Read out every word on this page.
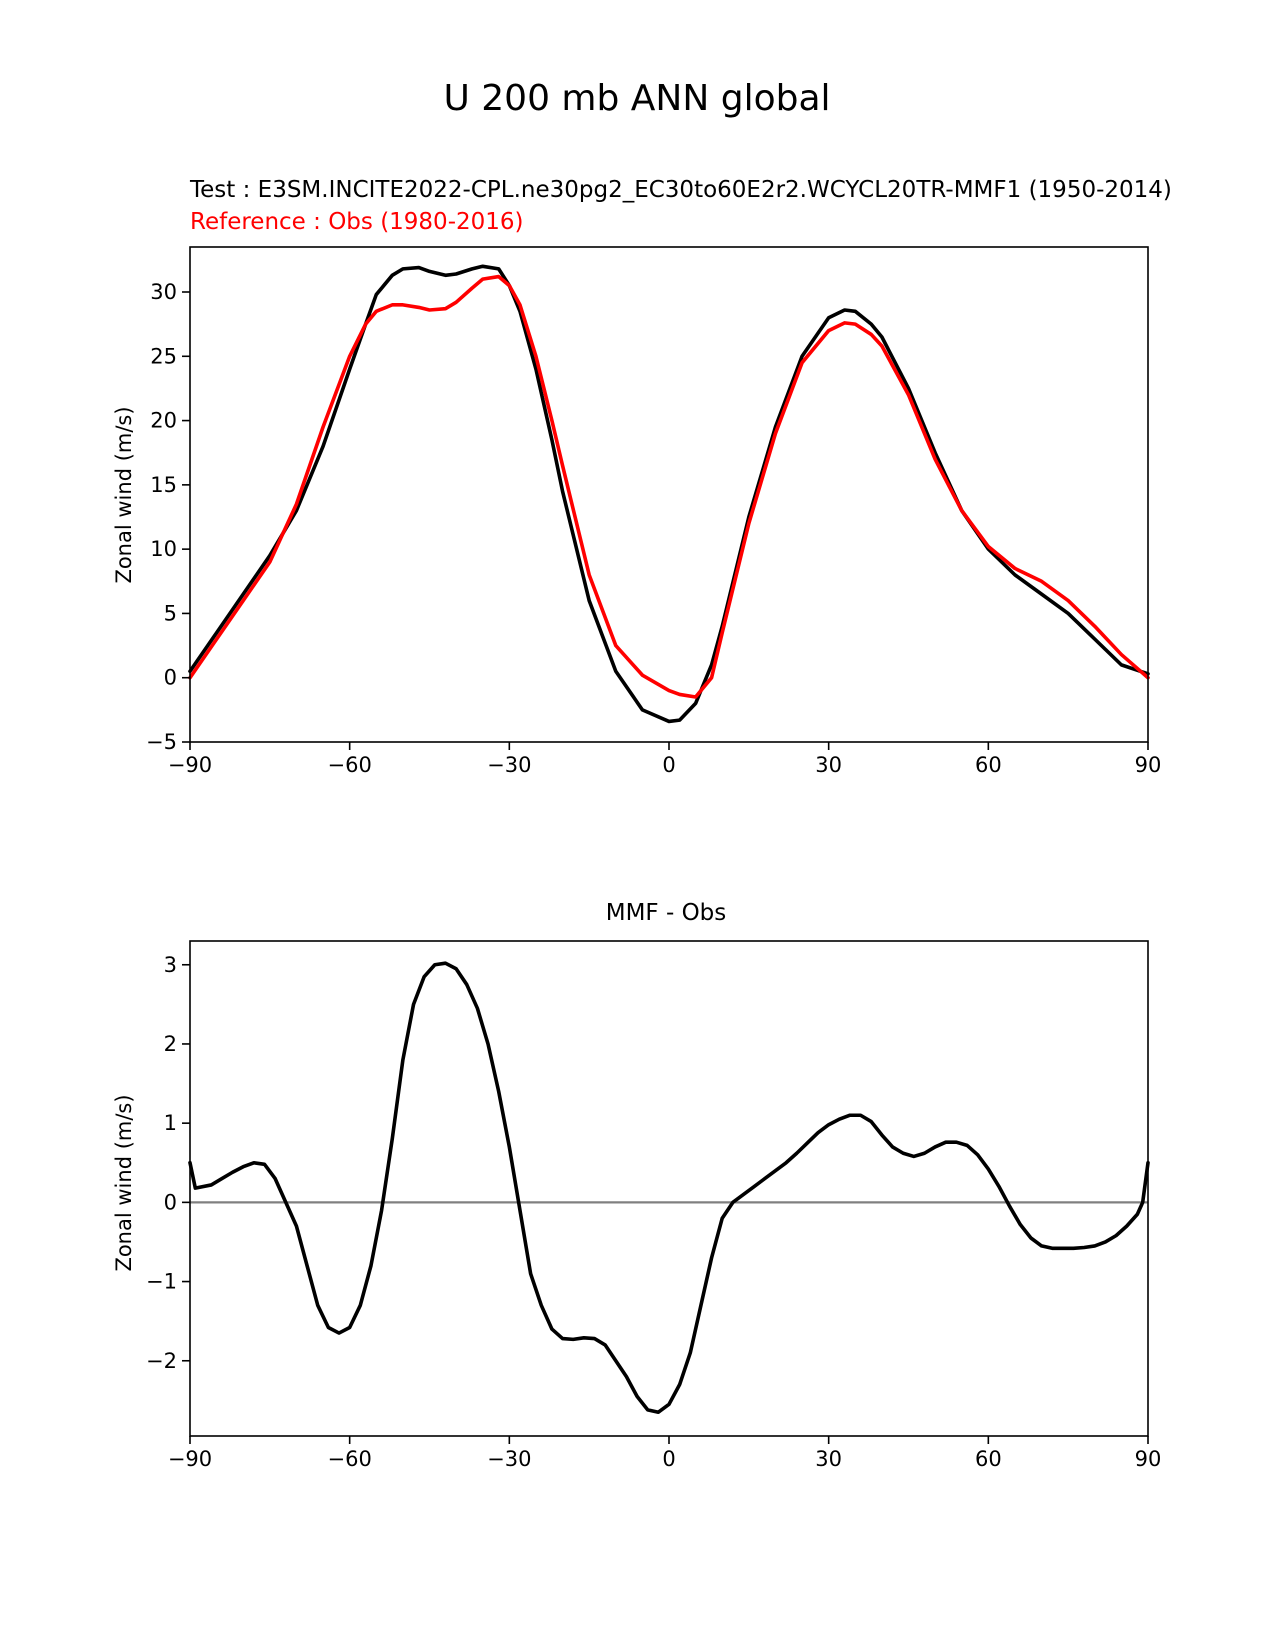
U 200 mb ANN global
Test : E3SM.INCITE2022-CPL.ne30pg2_EC30to60E2r2.WCYCL20TR-MMF1 (1950-2014)
Reference : Obs (1980-2016)
Zonal wind (m/s)
−90	−60	−30	0	30	60	90
−5
0
5
10
15
20
25
30
MMF - Obs
Zonal wind (m/s)
−90	−60	−30	0	30	60	90
−2
−1
0
1
2
3
